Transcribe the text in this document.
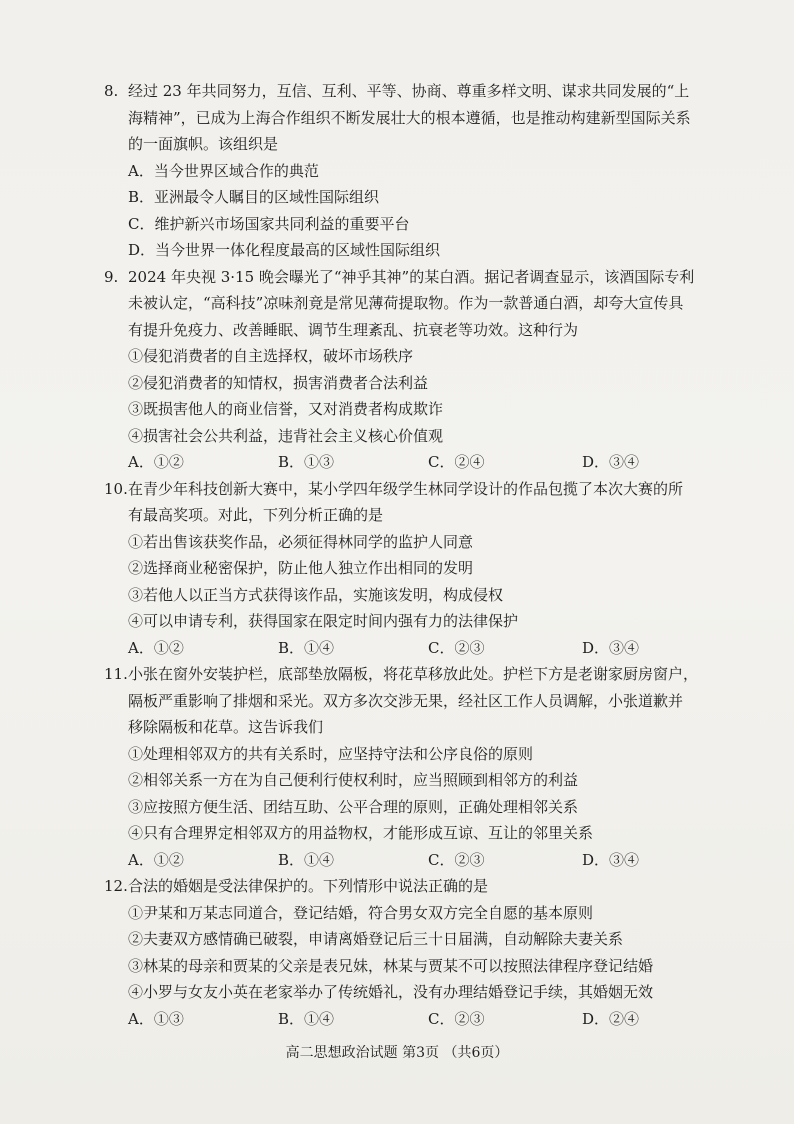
8. 经过 23 年共同努力，互信、互利、平等、协商、尊重多样文明、谋求共同发展的“上
海精神”，已成为上海合作组织不断发展壮大的根本遵循，也是推动构建新型国际关系
的一面旗帜。该组织是
A．当今世界区域合作的典范
B．亚洲最令人瞩目的区域性国际组织
C．维护新兴市场国家共同利益的重要平台
D．当今世界一体化程度最高的区域性国际组织
9. 2024 年央视 3·15 晚会曝光了“神乎其神”的某白酒。据记者调查显示，该酒国际专利
未被认定，“高科技”凉味剂竟是常见薄荷提取物。作为一款普通白酒，却夸大宣传具
有提升免疫力、改善睡眠、调节生理紊乱、抗衰老等功效。这种行为
①侵犯消费者的自主选择权，破坏市场秩序
②侵犯消费者的知情权，损害消费者合法利益
③既损害他人的商业信誉，又对消费者构成欺诈
④损害社会公共利益，违背社会主义核心价值观
A．①②	B．①③	C．②④	D．③④
10. 在青少年科技创新大赛中，某小学四年级学生林同学设计的作品包揽了本次大赛的所
有最高奖项。对此，下列分析正确的是
①若出售该获奖作品，必须征得林同学的监护人同意
②选择商业秘密保护，防止他人独立作出相同的发明
③若他人以正当方式获得该作品，实施该发明，构成侵权
④可以申请专利，获得国家在限定时间内强有力的法律保护
A．①②	B．①④	C．②③	D．③④
11. 小张在窗外安装护栏，底部垫放隔板，将花草移放此处。护栏下方是老谢家厨房窗户，
隔板严重影响了排烟和采光。双方多次交涉无果，经社区工作人员调解，小张道歉并
移除隔板和花草。这告诉我们
①处理相邻双方的共有关系时，应坚持守法和公序良俗的原则
②相邻关系一方在为自己便利行使权利时，应当照顾到相邻方的利益
③应按照方便生活、团结互助、公平合理的原则，正确处理相邻关系
④只有合理界定相邻双方的用益物权，才能形成互谅、互让的邻里关系
A．①②	B．①④	C．②③	D．③④
12. 合法的婚姻是受法律保护的。下列情形中说法正确的是
①尹某和万某志同道合，登记结婚，符合男女双方完全自愿的基本原则
②夫妻双方感情确已破裂，申请离婚登记后三十日届满，自动解除夫妻关系
③林某的母亲和贾某的父亲是表兄妹，林某与贾某不可以按照法律程序登记结婚
④小罗与女友小英在老家举办了传统婚礼，没有办理结婚登记手续，其婚姻无效
A．①③	B．①④	C．②③	D．②④
高二思想政治试题 第3页 （共6页）
